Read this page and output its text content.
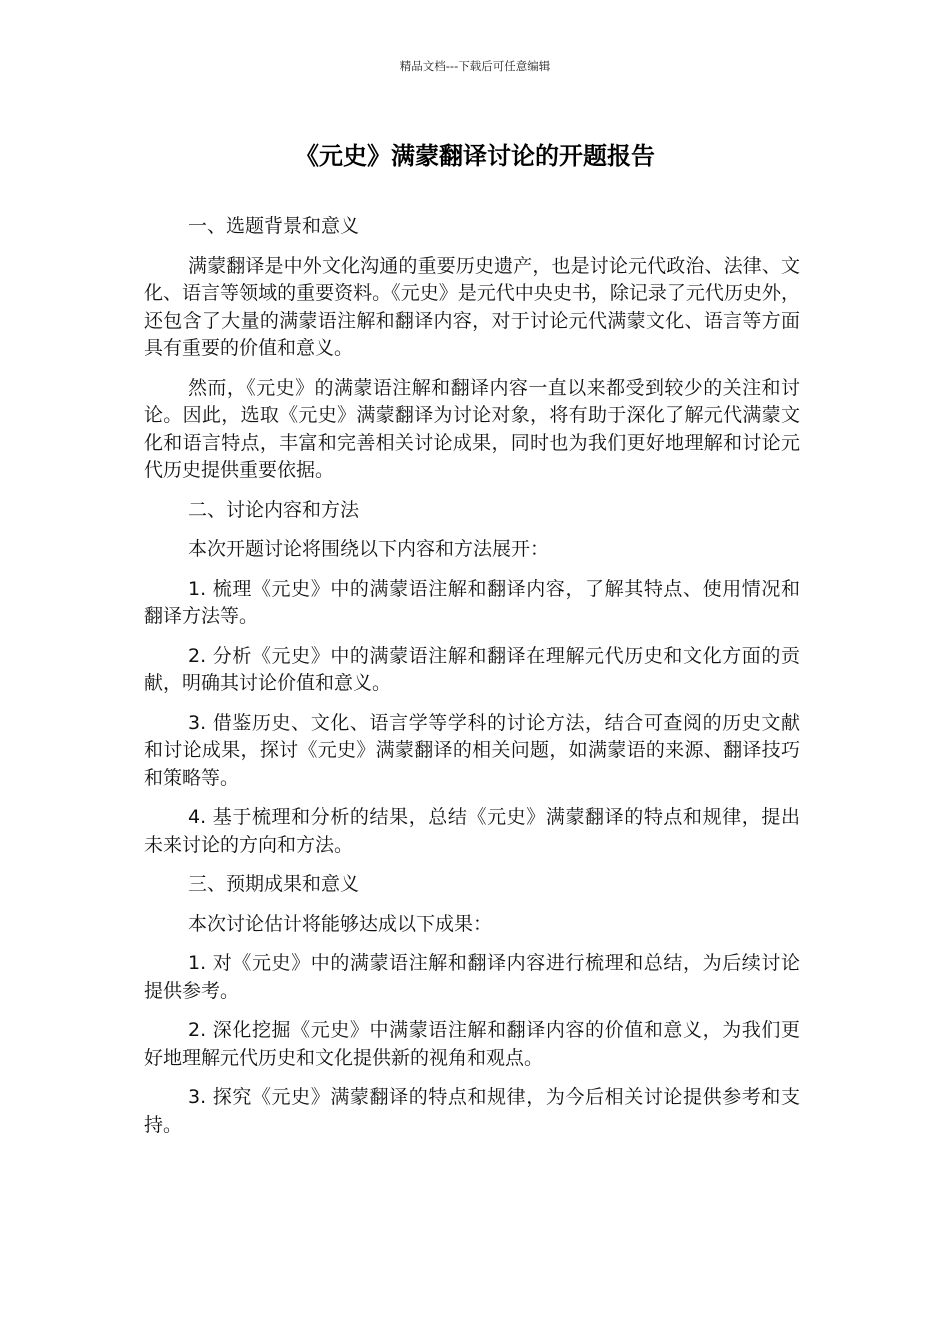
精品文档---下载后可任意编辑
《元史》满蒙翻译讨论的开题报告

一、选题背景和意义

满蒙翻译是中外文化沟通的重要历史遗产，也是讨论元代政治、法律、文化、语言等领域的重要资料。《元史》是元代中央史书，除记录了元代历史外，还包含了大量的满蒙语注解和翻译内容，对于讨论元代满蒙文化、语言等方面具有重要的价值和意义。

然而，《元史》的满蒙语注解和翻译内容一直以来都受到较少的关注和讨论。因此，选取《元史》满蒙翻译为讨论对象，将有助于深化了解元代满蒙文化和语言特点，丰富和完善相关讨论成果，同时也为我们更好地理解和讨论元代历史提供重要依据。

二、讨论内容和方法

本次开题讨论将围绕以下内容和方法展开：

1. 梳理《元史》中的满蒙语注解和翻译内容，了解其特点、使用情况和翻译方法等。

2. 分析《元史》中的满蒙语注解和翻译在理解元代历史和文化方面的贡献，明确其讨论价值和意义。

3. 借鉴历史、文化、语言学等学科的讨论方法，结合可查阅的历史文献和讨论成果，探讨《元史》满蒙翻译的相关问题，如满蒙语的来源、翻译技巧和策略等。

4. 基于梳理和分析的结果，总结《元史》满蒙翻译的特点和规律，提出未来讨论的方向和方法。

三、预期成果和意义

本次讨论估计将能够达成以下成果：

1. 对《元史》中的满蒙语注解和翻译内容进行梳理和总结，为后续讨论提供参考。

2. 深化挖掘《元史》中满蒙语注解和翻译内容的价值和意义，为我们更好地理解元代历史和文化提供新的视角和观点。

3. 探究《元史》满蒙翻译的特点和规律，为今后相关讨论提供参考和支持。
